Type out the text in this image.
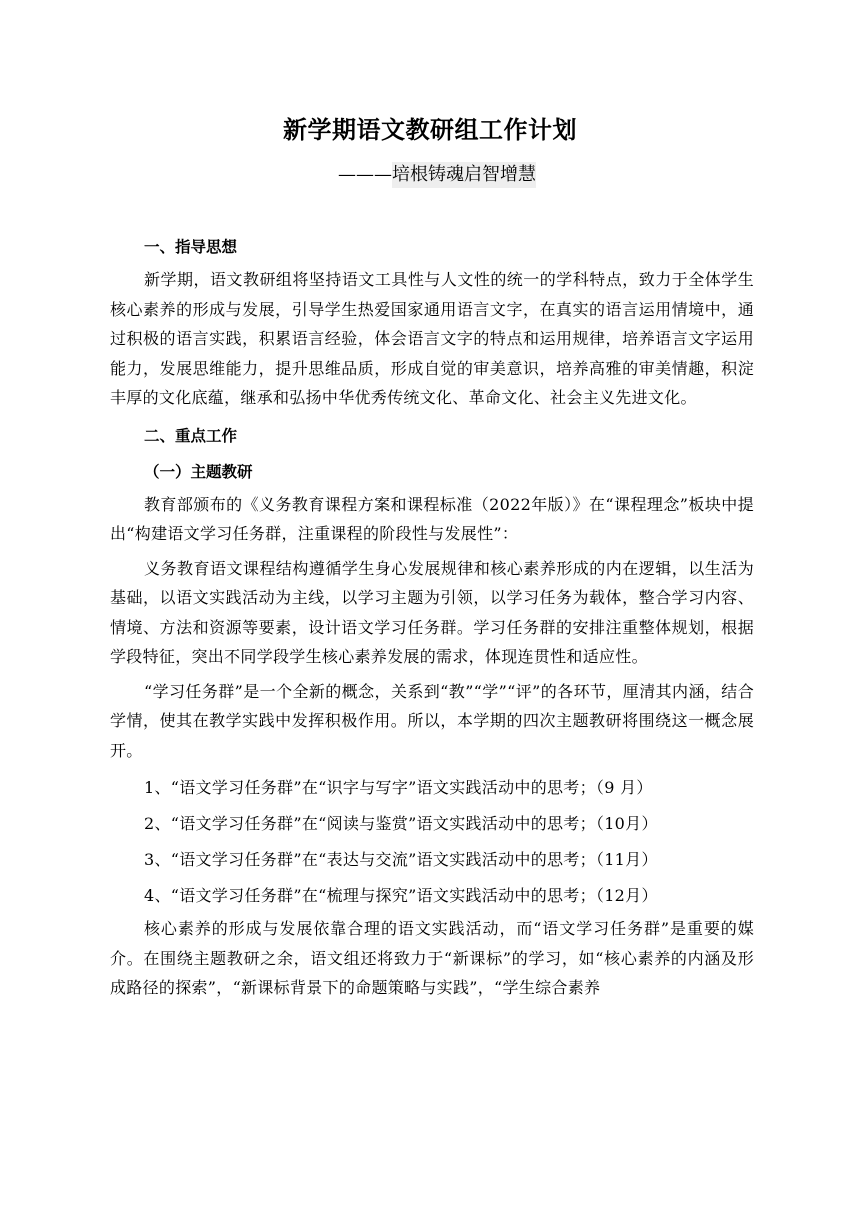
新学期语文教研组工作计划
———培根铸魂启智增慧
一、指导思想

新学期，语文教研组将坚持语文工具性与人文性的统一的学科特点，致力于全体学生核心素养的形成与发展，引导学生热爱国家通用语言文字，在真实的语言运用情境中，通过积极的语言实践，积累语言经验，体会语言文字的特点和运用规律，培养语言文字运用能力，发展思维能力，提升思维品质，形成自觉的审美意识，培养高雅的审美情趣，积淀丰厚的文化底蕴，继承和弘扬中华优秀传统文化、革命文化、社会主义先进文化。

二、重点工作
（一）主题教研

教育部颁布的《义务教育课程方案和课程标准（2022年版）》在“课程理念”板块中提出“构建语文学习任务群，注重课程的阶段性与发展性”：

义务教育语文课程结构遵循学生身心发展规律和核心素养形成的内在逻辑，以生活为基础，以语文实践活动为主线，以学习主题为引领，以学习任务为载体，整合学习内容、情境、方法和资源等要素，设计语文学习任务群。学习任务群的安排注重整体规划，根据学段特征，突出不同学段学生核心素养发展的需求，体现连贯性和适应性。

“学习任务群”是一个全新的概念，关系到“教”“学”“评”的各环节，厘清其内涵，结合学情，使其在教学实践中发挥积极作用。所以，本学期的四次主题教研将围绕这一概念展开。

1、“语文学习任务群”在“识字与写字”语文实践活动中的思考；（9 月）
2、“语文学习任务群”在“阅读与鉴赏”语文实践活动中的思考；（10月）
3、“语文学习任务群”在“表达与交流”语文实践活动中的思考；（11月）
4、“语文学习任务群”在“梳理与探究”语文实践活动中的思考；（12月）

核心素养的形成与发展依靠合理的语文实践活动，而“语文学习任务群”是重要的媒介。在围绕主题教研之余，语文组还将致力于“新课标”的学习，如“核心素养的内涵及形成路径的探索”，“新课标背景下的命题策略与实践”，“学生综合素养
